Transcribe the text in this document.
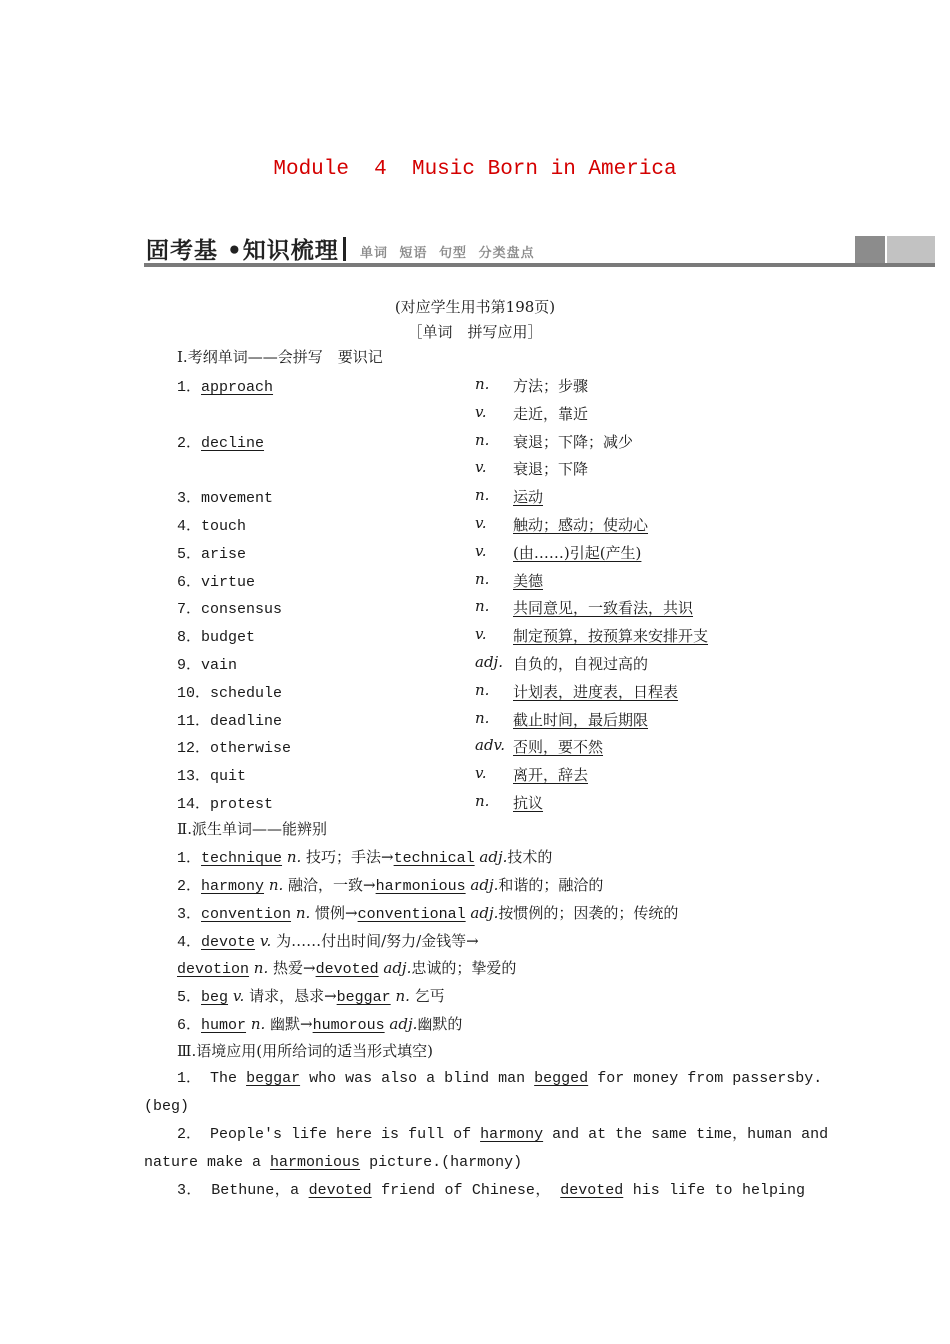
Module  4  Music Born in America
固考基 •知识梳理	单词 短语 句型 分类盘点
(对应学生用书第198页)
［单词　拼写应用］
Ⅰ.考纲单词——会拼写　要识记
1．approach	n. 方法；步骤
v. 走近，靠近
2．decline	n. 衰退；下降；减少
v. 衰退；下降
3．movement	n. 运动
4．touch	v. 触动；感动；使动心
5．arise	v. (由……)引起(产生)
6．virtue	n. 美德
7．consensus	n. 共同意见，一致看法，共识
8．budget	v. 制定预算，按预算来安排开支
9．vain	adj. 自负的，自视过高的
10．schedule	n. 计划表，进度表，日程表
11．deadline	n. 截止时间，最后期限
12．otherwise	adv. 否则，要不然
13．quit	v. 离开，辞去
14．protest	n. 抗议
Ⅱ.派生单词——能辨别
1．technique n. 技巧；手法→technical adj.技术的
2．harmony n. 融洽，一致→harmonious adj.和谐的；融洽的
3．convention n. 惯例→conventional adj.按惯例的；因袭的；传统的
4．devote v. 为……付出时间/努力/金钱等→
devotion n. 热爱→devoted adj.忠诚的；挚爱的
5．beg v. 请求，恳求→beggar n. 乞丐
6．humor n. 幽默→humorous adj.幽默的
Ⅲ.语境应用(用所给词的适当形式填空)
1． The beggar who was also a blind man begged for money from passersby.
(beg)
2． People's life here is full of harmony and at the same time，human and
nature make a harmonious picture.(harmony)
3． Bethune，a devoted friend of Chinese， devoted his life to helping
